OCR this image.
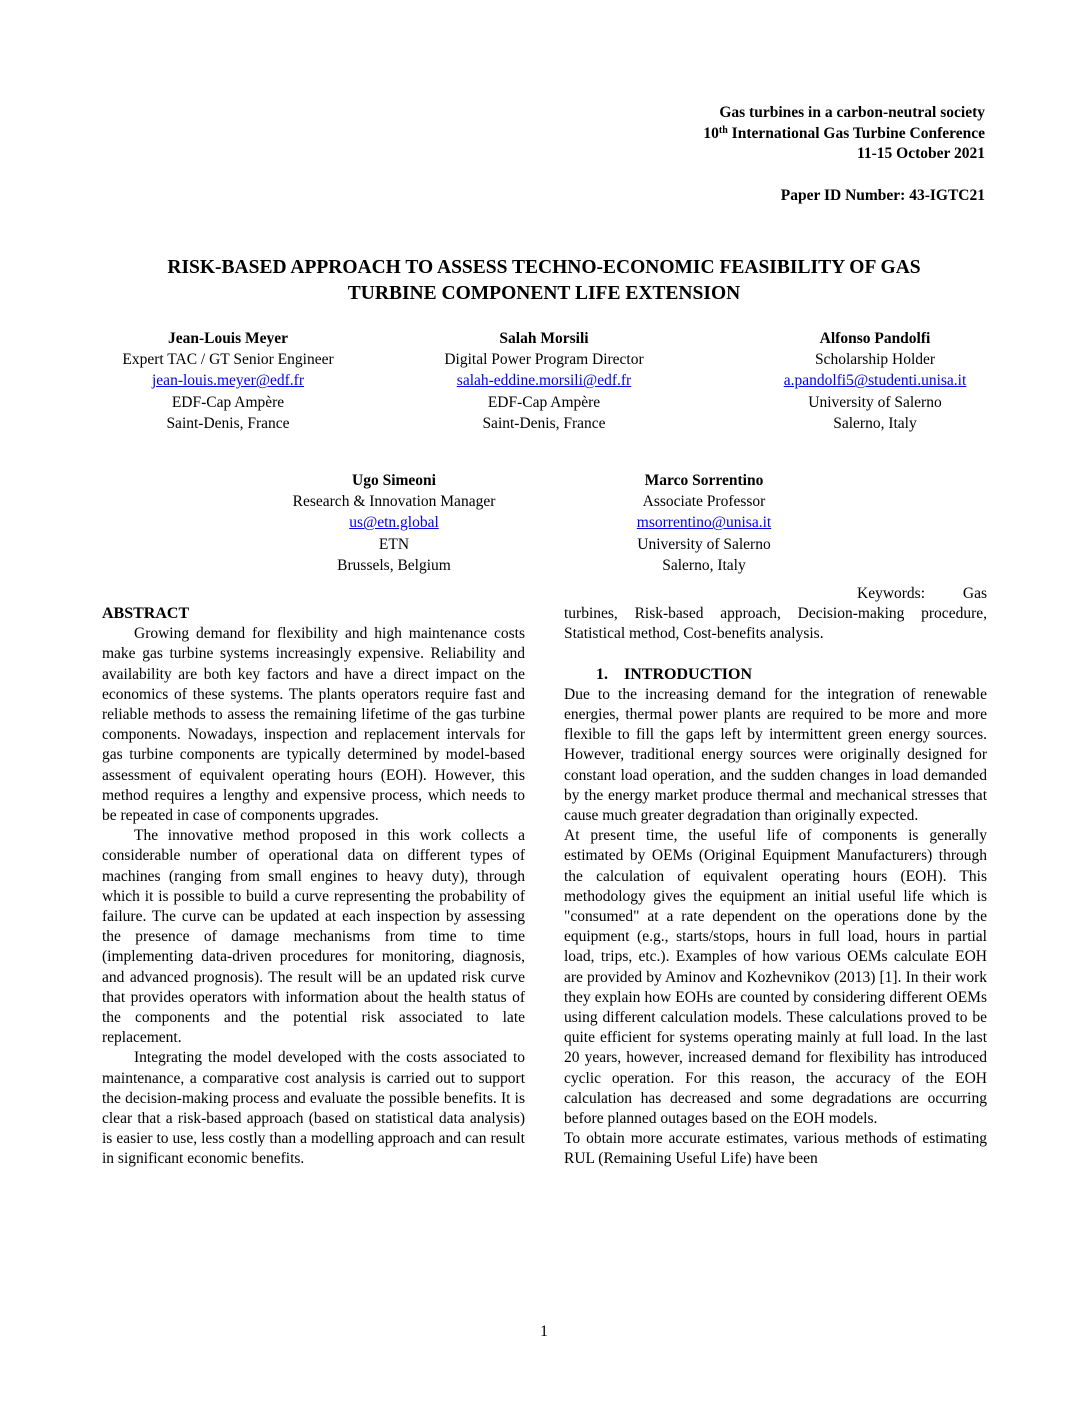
Gas turbines in a carbon-neutral society
10th International Gas Turbine Conference
11-15 October 2021
Paper ID Number: 43-IGTC21
RISK-BASED APPROACH TO ASSESS TECHNO-ECONOMIC FEASIBILITY OF GAS
TURBINE COMPONENT LIFE EXTENSION
Jean-Louis Meyer
Expert TAC / GT Senior Engineer
jean-louis.meyer@edf.fr
EDF-Cap Ampère
Saint-Denis, France
Salah Morsili
Digital Power Program Director
salah-eddine.morsili@edf.fr
EDF-Cap Ampère
Saint-Denis, France
Alfonso Pandolfi
Scholarship Holder
a.pandolfi5@studenti.unisa.it
University of Salerno
Salerno, Italy
Ugo Simeoni
Research & Innovation Manager
us@etn.global
ETN
Brussels, Belgium
Marco Sorrentino
Associate Professor
msorrentino@unisa.it
University of Salerno
Salerno, Italy
ABSTRACT

Growing demand for flexibility and high maintenance costs make gas turbine systems increasingly expensive. Reliability and availability are both key factors and have a direct impact on the economics of these systems. The plants operators require fast and reliable methods to assess the remaining lifetime of the gas turbine components. Nowadays, inspection and replacement intervals for gas turbine components are typically determined by model-based assessment of equivalent operating hours (EOH). However, this method requires a lengthy and expensive process, which needs to be repeated in case of components upgrades.

The innovative method proposed in this work collects a considerable number of operational data on different types of machines (ranging from small engines to heavy duty), through which it is possible to build a curve representing the probability of failure. The curve can be updated at each inspection by assessing the presence of damage mechanisms from time to time (implementing data-driven procedures for monitoring, diagnosis, and advanced prognosis). The result will be an updated risk curve that provides operators with information about the health status of the components and the potential risk associated to late replacement.

Integrating the model developed with the costs associated to maintenance, a comparative cost analysis is carried out to support the decision-making process and evaluate the possible benefits. It is clear that a risk-based approach (based on statistical data analysis) is easier to use, less costly than a modelling approach and can result in significant economic benefits.

Keywords: Gas turbines, Risk-based approach, Decision-making procedure, Statistical method, Cost-benefits analysis.

1.    INTRODUCTION

Due to the increasing demand for the integration of renewable energies, thermal power plants are required to be more and more flexible to fill the gaps left by intermittent green energy sources. However, traditional energy sources were originally designed for constant load operation, and the sudden changes in load demanded by the energy market produce thermal and mechanical stresses that cause much greater degradation than originally expected.

At present time, the useful life of components is generally estimated by OEMs (Original Equipment Manufacturers) through the calculation of equivalent operating hours (EOH). This methodology gives the equipment an initial useful life which is "consumed" at a rate dependent on the operations done by the equipment (e.g., starts/stops, hours in full load, hours in partial load, trips, etc.). Examples of how various OEMs calculate EOH are provided by Aminov and Kozhevnikov (2013) [1]. In their work they explain how EOHs are counted by considering different OEMs using different calculation models. These calculations proved to be quite efficient for systems operating mainly at full load. In the last 20 years, however, increased demand for flexibility has introduced cyclic operation. For this reason, the accuracy of the EOH calculation has decreased and some degradations are occurring before planned outages based on the EOH models.

To obtain more accurate estimates, various methods of estimating RUL (Remaining Useful Life) have been

1
